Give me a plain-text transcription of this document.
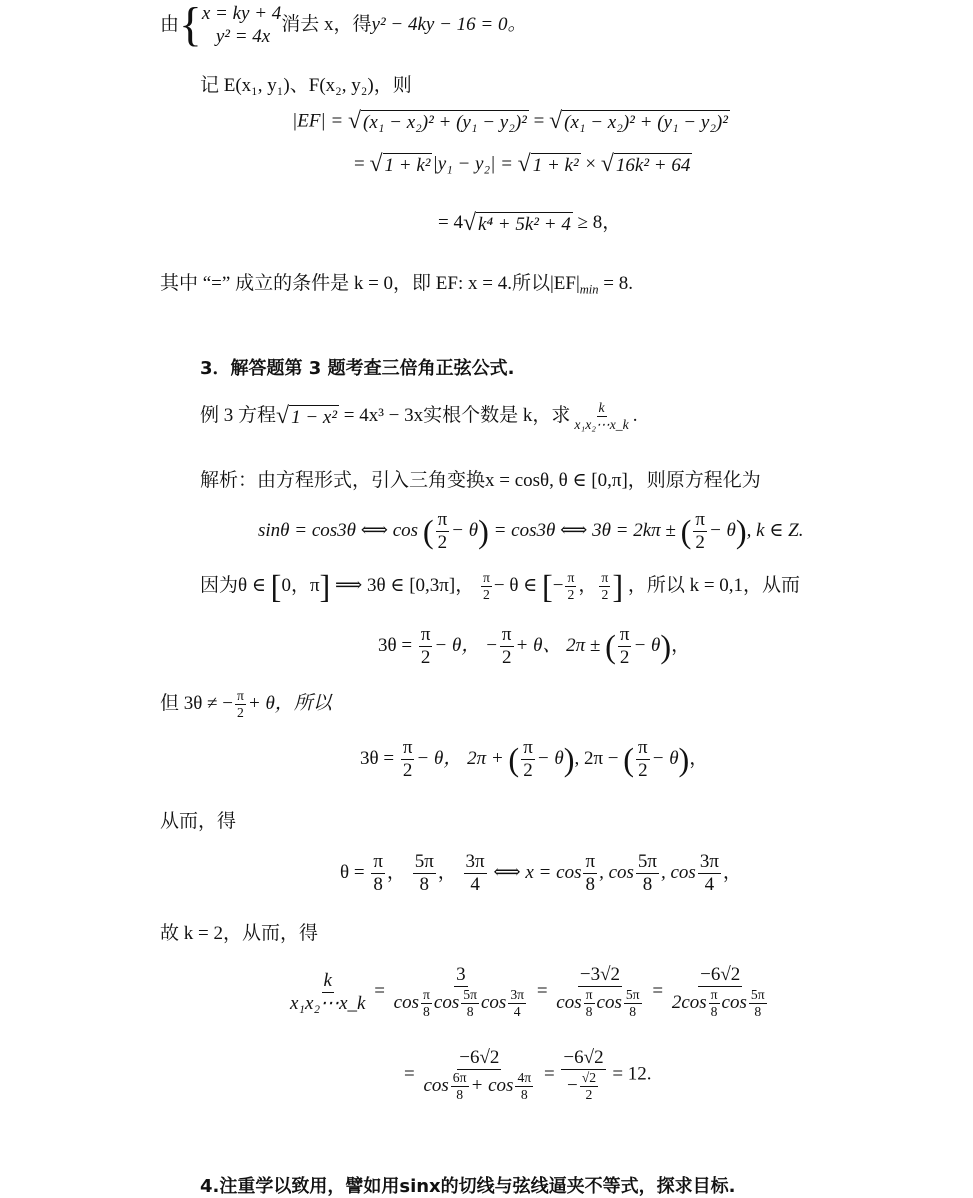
由{ x = ky + 4
y² = 4x
消去 x，得y² − 4ky − 16 = 0。
记 E(x₁, y₁)、F(x₂, y₂)，则
|EF| = √ (x₁ − x₂)² + (y₁ − y₂)² = √ (x₁ − x₂)² + (y₁ − y₂)²
= √ 1 + k² |y₁ − y₂| = √ 1 + k² × √ 16k² + 64
= 4 √ k⁴ + 5k² + 4 ≥ 8，
其中 “=” 成立的条件是 k = 0，即 EF: x = 4.所以$|EF|_{min} = 8$.
3．解答题第 3 题考查三倍角正弦公式.
例 3 方程 √ 1 − x² = 4x³ − 3x实根个数是 k，求 $\frac{k}{\text{x₁x₂⋯x\_k}}$ .
解析：由方程形式，引入三角变换x = cosθ, θ ∈ [0,π]，则原方程化为
sinθ = cos3θ ⟺ cos ( $\frac{\pi}{2} - \theta) = \cos 3\theta$ ⟺ 3θ = 2kπ ± ( $\frac{\pi}{2} - \theta$), k ∈ Z.
因为θ ∈ [0，π] ⟹ 3θ ∈ [0,3π]， $\frac{\pi}{2} - \theta$ ∈ [− $\frac{\pi}{2}$ ， $\frac{\pi}{2}$ ] ，所以 k = 0,1，从而
$3\theta = \frac{\pi}{2} - \theta$， − $\frac{\pi}{2} + \theta$、 2π ± ( $\frac{\pi}{2} - \theta$)，
但 3θ ≠ − $\frac{\pi}{2} + \theta$，所以
$3\theta = \frac{\pi}{2} - \theta$， 2π + ( $\frac{\pi}{2} - \theta$), 2π − ( $\frac{\pi}{2} - \theta$)，
从而，得
$\theta = \frac{\pi}{8}$ ， $\frac{5\pi}{8}$ ， $\frac{3\pi}{4}$ ⟺ $x = \cos \frac{\pi}{8}$ , $\cos \frac{5\pi}{8}$ , $\cos \frac{3\pi}{4}$ ，
故 k = 2，从而，得
$\frac{k}{\text{x₁x₂⋯x\_k}} = \frac{3}{\cos \frac{\pi}{8} \cos \frac{5\pi}{8} \cos \frac{3\pi}{4}} = \frac{-3√2}{\cos \frac{\pi}{8} \cos \frac{5\pi}{8}} = \frac{-6√2}{2\cos \frac{\pi}{8} \cos \frac{5\pi}{8}}$
= $\frac{-6√2}{\cos \frac{6\pi}{8} + \cos \frac{4\pi}{8}} = \frac{-6√2}{- \frac{√2}{2}} = 12$.
4.注重学以致用，譬如用sinx的切线与弦线逼夹不等式，探求目标.
